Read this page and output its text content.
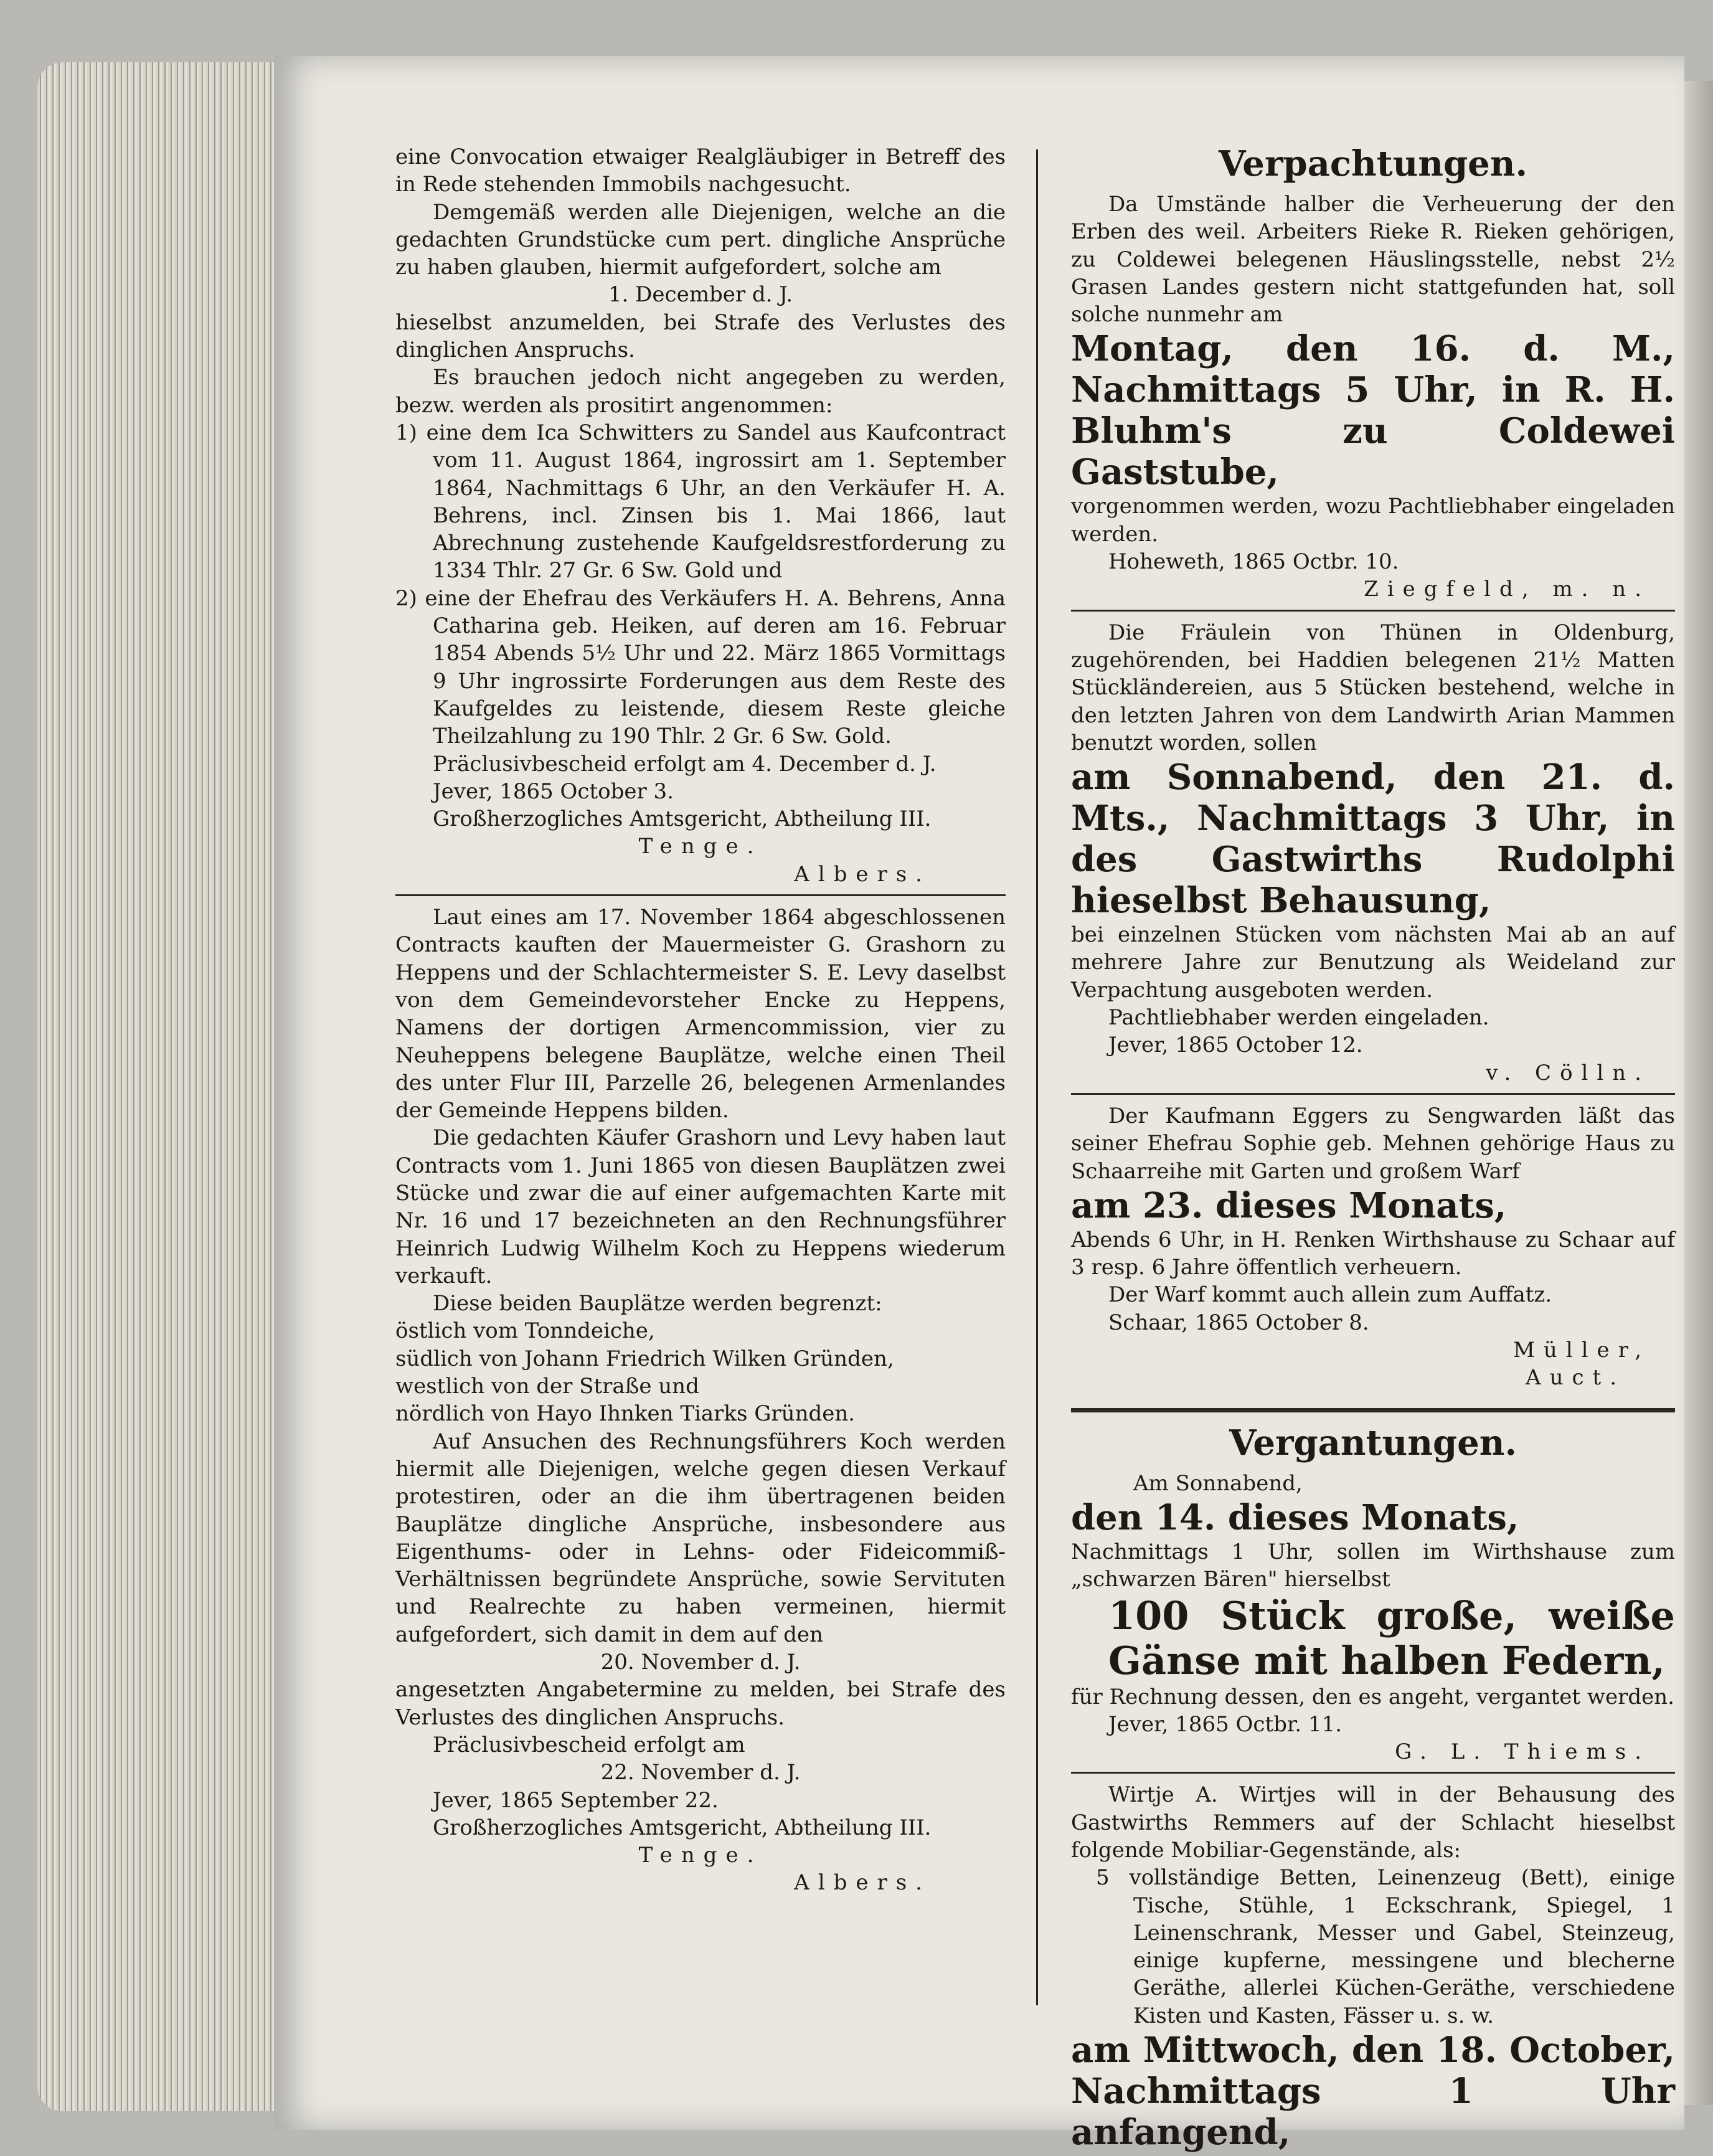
eine Convocation etwaiger Realgläubiger in Betreff des in Rede stehenden Immobils nachgesucht.

Demgemäß werden alle Diejenigen, welche an die gedachten Grundstücke cum pert. dingliche Ansprüche zu haben glauben, hiermit aufgefordert, solche am

1. December d. J.

hieselbst anzumelden, bei Strafe des Verlustes des dinglichen Anspruchs.

Es brauchen jedoch nicht angegeben zu werden, bezw. werden als prositirt angenommen:

1) eine dem Ica Schwitters zu Sandel aus Kaufcontract vom 11. August 1864, ingrossirt am 1. September 1864, Nachmittags 6 Uhr, an den Verkäufer H. A. Behrens, incl. Zinsen bis 1. Mai 1866, laut Abrechnung zustehende Kaufgeldsrestforderung zu 1334 Thlr. 27 Gr. 6 Sw. Gold und

2) eine der Ehefrau des Verkäufers H. A. Behrens, Anna Catharina geb. Heiken, auf deren am 16. Februar 1854 Abends 5½ Uhr und 22. März 1865 Vormittags 9 Uhr ingrossirte Forderungen aus dem Reste des Kaufgeldes zu leistende, diesem Reste gleiche Theilzahlung zu 190 Thlr. 2 Gr. 6 Sw. Gold.

Präclusivbescheid erfolgt am 4. December d. J.

Jever, 1865 October 3.

Großherzogliches Amtsgericht, Abtheilung III.

Tenge.

Albers.

Laut eines am 17. November 1864 abgeschlossenen Contracts kauften der Mauermeister G. Grashorn zu Heppens und der Schlachtermeister S. E. Levy daselbst von dem Gemeindevorsteher Encke zu Heppens, Namens der dortigen Armencommission, vier zu Neuheppens belegene Bauplätze, welche einen Theil des unter Flur III, Parzelle 26, belegenen Armenlandes der Gemeinde Heppens bilden.

Die gedachten Käufer Grashorn und Levy haben laut Contracts vom 1. Juni 1865 von diesen Bauplätzen zwei Stücke und zwar die auf einer aufgemachten Karte mit Nr. 16 und 17 bezeichneten an den Rechnungsführer Heinrich Ludwig Wilhelm Koch zu Heppens wiederum verkauft.

Diese beiden Bauplätze werden begrenzt:

östlich vom Tonndeiche,

südlich von Johann Friedrich Wilken Gründen,

westlich von der Straße und

nördlich von Hayo Ihnken Tiarks Gründen.

Auf Ansuchen des Rechnungsführers Koch werden hiermit alle Diejenigen, welche gegen diesen Verkauf protestiren, oder an die ihm übertragenen beiden Bauplätze dingliche Ansprüche, insbesondere aus Eigenthums- oder in Lehns- oder Fideicommiß-Verhältnissen begründete Ansprüche, sowie Servituten und Realrechte zu haben vermeinen, hiermit aufgefordert, sich damit in dem auf den

20. November d. J.

angesetzten Angabetermine zu melden, bei Strafe des Verlustes des dinglichen Anspruchs.

Präclusivbescheid erfolgt am

22. November d. J.

Jever, 1865 September 22.

Großherzogliches Amtsgericht, Abtheilung III.

Tenge.

Albers.

Verpachtungen.

Da Umstände halber die Verheuerung der den Erben des weil. Arbeiters Rieke R. Rieken gehörigen, zu Coldewei belegenen Häuslingsstelle, nebst 2½ Grasen Landes gestern nicht stattgefunden hat, soll solche nunmehr am

Montag, den 16. d. M., Nachmittags 5 Uhr, in R. H. Bluhm's zu Coldewei Gaststube,

vorgenommen werden, wozu Pachtliebhaber eingeladen werden.

Hoheweth, 1865 Octbr. 10.

Ziegfeld, m. n.

Die Fräulein von Thünen in Oldenburg, zugehörenden, bei Haddien belegenen 21½ Matten Stückländereien, aus 5 Stücken bestehend, welche in den letzten Jahren von dem Landwirth Arian Mammen benutzt worden, sollen

am Sonnabend, den 21. d. Mts., Nachmittags 3 Uhr, in des Gastwirths Rudolphi hieselbst Behausung,

bei einzelnen Stücken vom nächsten Mai ab an auf mehrere Jahre zur Benutzung als Weideland zur Verpachtung ausgeboten werden.

Pachtliebhaber werden eingeladen.

Jever, 1865 October 12.

v. Cölln.

Der Kaufmann Eggers zu Sengwarden läßt das seiner Ehefrau Sophie geb. Mehnen gehörige Haus zu Schaarreihe mit Garten und großem Warf

am 23. dieses Monats,

Abends 6 Uhr, in H. Renken Wirthshause zu Schaar auf 3 resp. 6 Jahre öffentlich verheuern.

Der Warf kommt auch allein zum Auffatz.

Schaar, 1865 October 8.

Müller,

Auct.

Vergantungen.

Am Sonnabend,

den 14. dieses Monats,

Nachmittags 1 Uhr, sollen im Wirthshause zum „schwarzen Bären" hierselbst

100 Stück große, weiße Gänse mit halben Federn,

für Rechnung dessen, den es angeht, vergantet werden.

Jever, 1865 Octbr. 11.

G. L. Thiems.

Wirtje A. Wirtjes will in der Behausung des Gastwirths Remmers auf der Schlacht hieselbst folgende Mobiliar-Gegenstände, als:

5 vollständige Betten, Leinenzeug (Bett), einige Tische, Stühle, 1 Eckschrank, Spiegel, 1 Leinenschrank, Messer und Gabel, Steinzeug, einige kupferne, messingene und blecherne Geräthe, allerlei Küchen-Geräthe, verschiedene Kisten und Kasten, Fässer u. s. w.

am Mittwoch, den 18. October, Nachmittags 1 Uhr anfangend,
